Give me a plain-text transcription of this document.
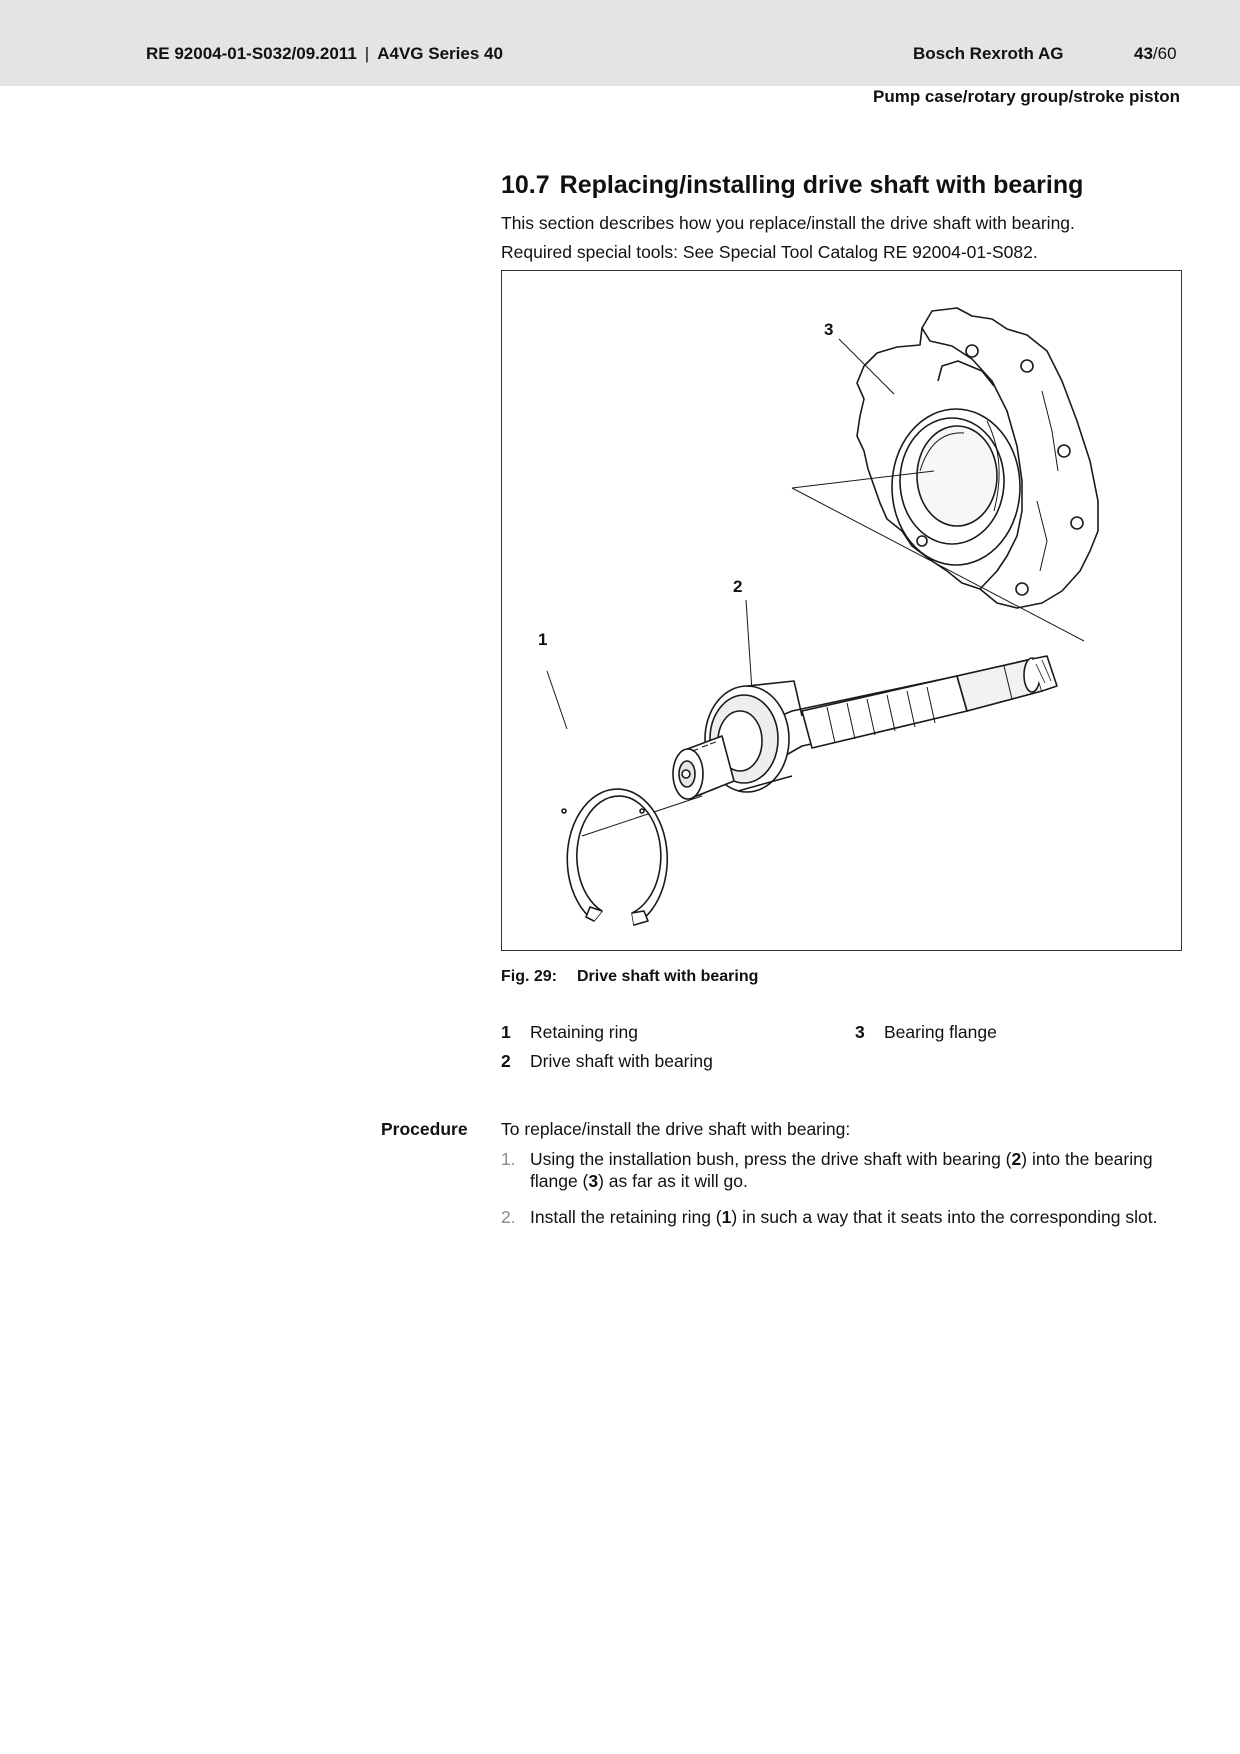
RE 92004-01-S032/09.2011 | A4VG Series 40	Bosch Rexroth AG	43/60
Pump case/rotary group/stroke piston
10.7 Replacing/installing drive shaft with bearing

This section describes how you replace/install the drive shaft with bearing.

Required special tools: See Special Tool Catalog RE 92004-01-S082.

3
2
1
Fig. 29: Drive shaft with bearing
1 Retaining ring
2 Drive shaft with bearing
3 Bearing flange
Procedure To replace/install the drive shaft with bearing:

1. Using the installation bush, press the drive shaft with bearing (2) into the bearing flange (3) as far as it will go.
2. Install the retaining ring (1) in such a way that it seats into the corresponding slot.
